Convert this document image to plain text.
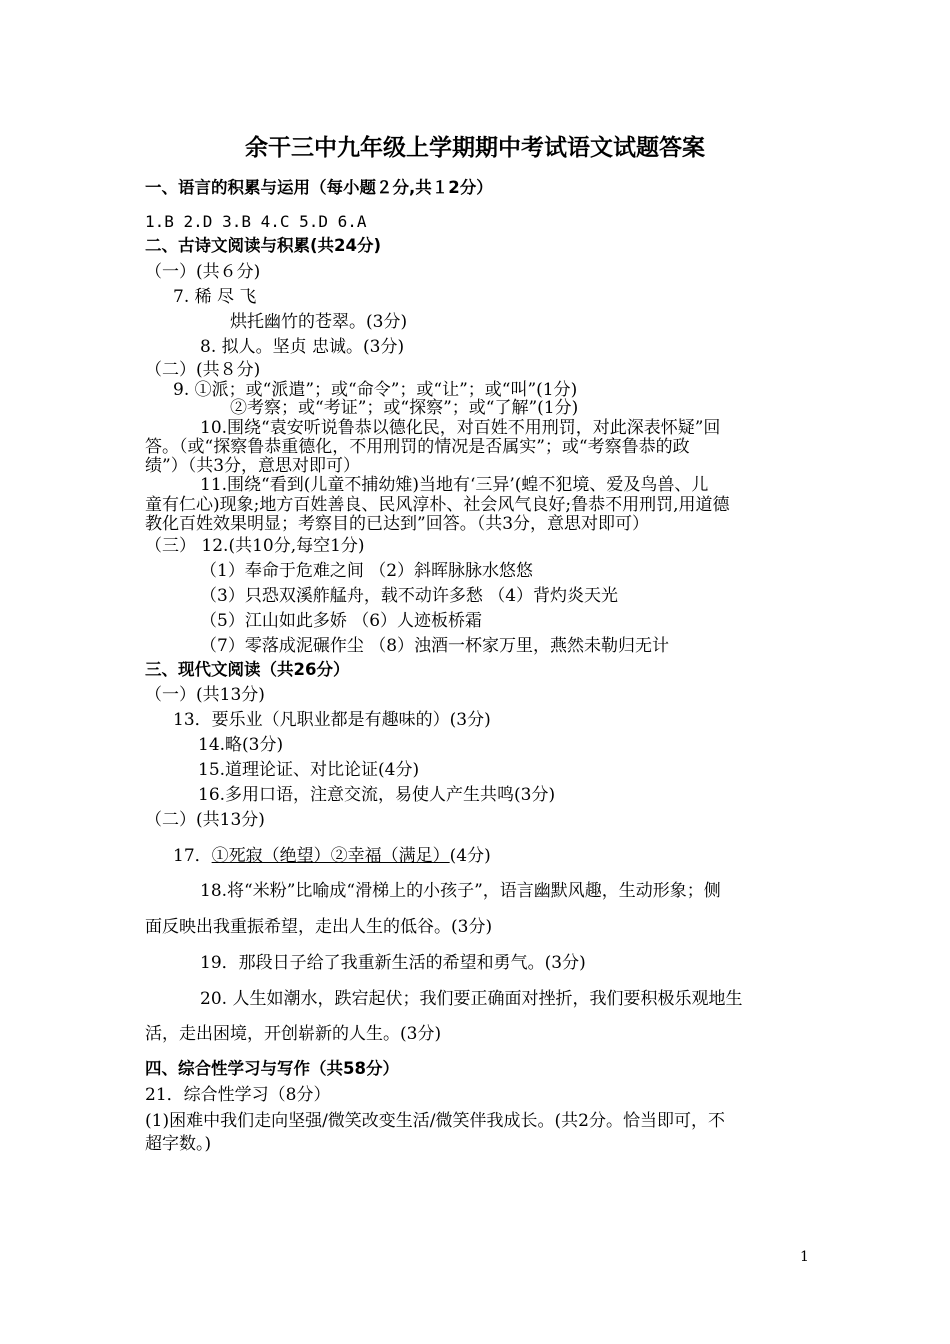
余干三中九年级上学期期中考试语文试题答案
一、语言的积累与运用（每小题２分,共１2分）
1.B 2.D 3.B 4.C 5.D 6.A
二、古诗文阅读与积累(共24分)
（一）(共６分)
7. 稀 尽 飞
烘托幽竹的苍翠。(3分)
8. 拟人。坚贞 忠诚。(3分)
（二）(共８分)
9. ①派；或“派遣”；或“命令”；或“让”；或“叫”(1分)
②考察；或“考证”；或“探察”；或“了解”(1分)
10.围绕“袁安听说鲁恭以德化民，对百姓不用刑罚，对此深表怀疑”回
答。（或“探察鲁恭重德化，不用刑罚的情况是否属实”；或“考察鲁恭的政
绩”）（共3分，意思对即可）
11.围绕“看到(儿童不捕幼雉)当地有‘三异’(蝗不犯境、爱及鸟兽、儿
童有仁心)现象;地方百姓善良、民风淳朴、社会风气良好;鲁恭不用刑罚,用道德
教化百姓效果明显；考察目的已达到”回答。（共3分，意思对即可）
（三） 12.(共10分,每空1分)
（1）奉命于危难之间 （2）斜晖脉脉水悠悠
（3）只恐双溪舴艋舟，载不动许多愁 （4）背灼炎天光
（5）江山如此多娇 （6）人迹板桥霜
（7）零落成泥碾作尘 （8）浊酒一杯家万里，燕然未勒归无计
三、现代文阅读（共26分）
（一）(共13分)
13．要乐业（凡职业都是有趣味的）(3分)
14.略(3分)
15.道理论证、对比论证(4分)
16.多用口语，注意交流，易使人产生共鸣(3分)
（二）(共13分)
17．①死寂（绝望）②幸福（满足）(4分)
18.将“米粉”比喻成“滑梯上的小孩子”，语言幽默风趣，生动形象；侧
面反映出我重振希望，走出人生的低谷。(3分)
19．那段日子给了我重新生活的希望和勇气。(3分)
20. 人生如潮水，跌宕起伏；我们要正确面对挫折，我们要积极乐观地生
活，走出困境，开创崭新的人生。(3分)
四、综合性学习与写作（共58分）
21．综合性学习（8分）
(1)困难中我们走向坚强/微笑改变生活/微笑伴我成长。(共2分。恰当即可，不
超字数。)
1
